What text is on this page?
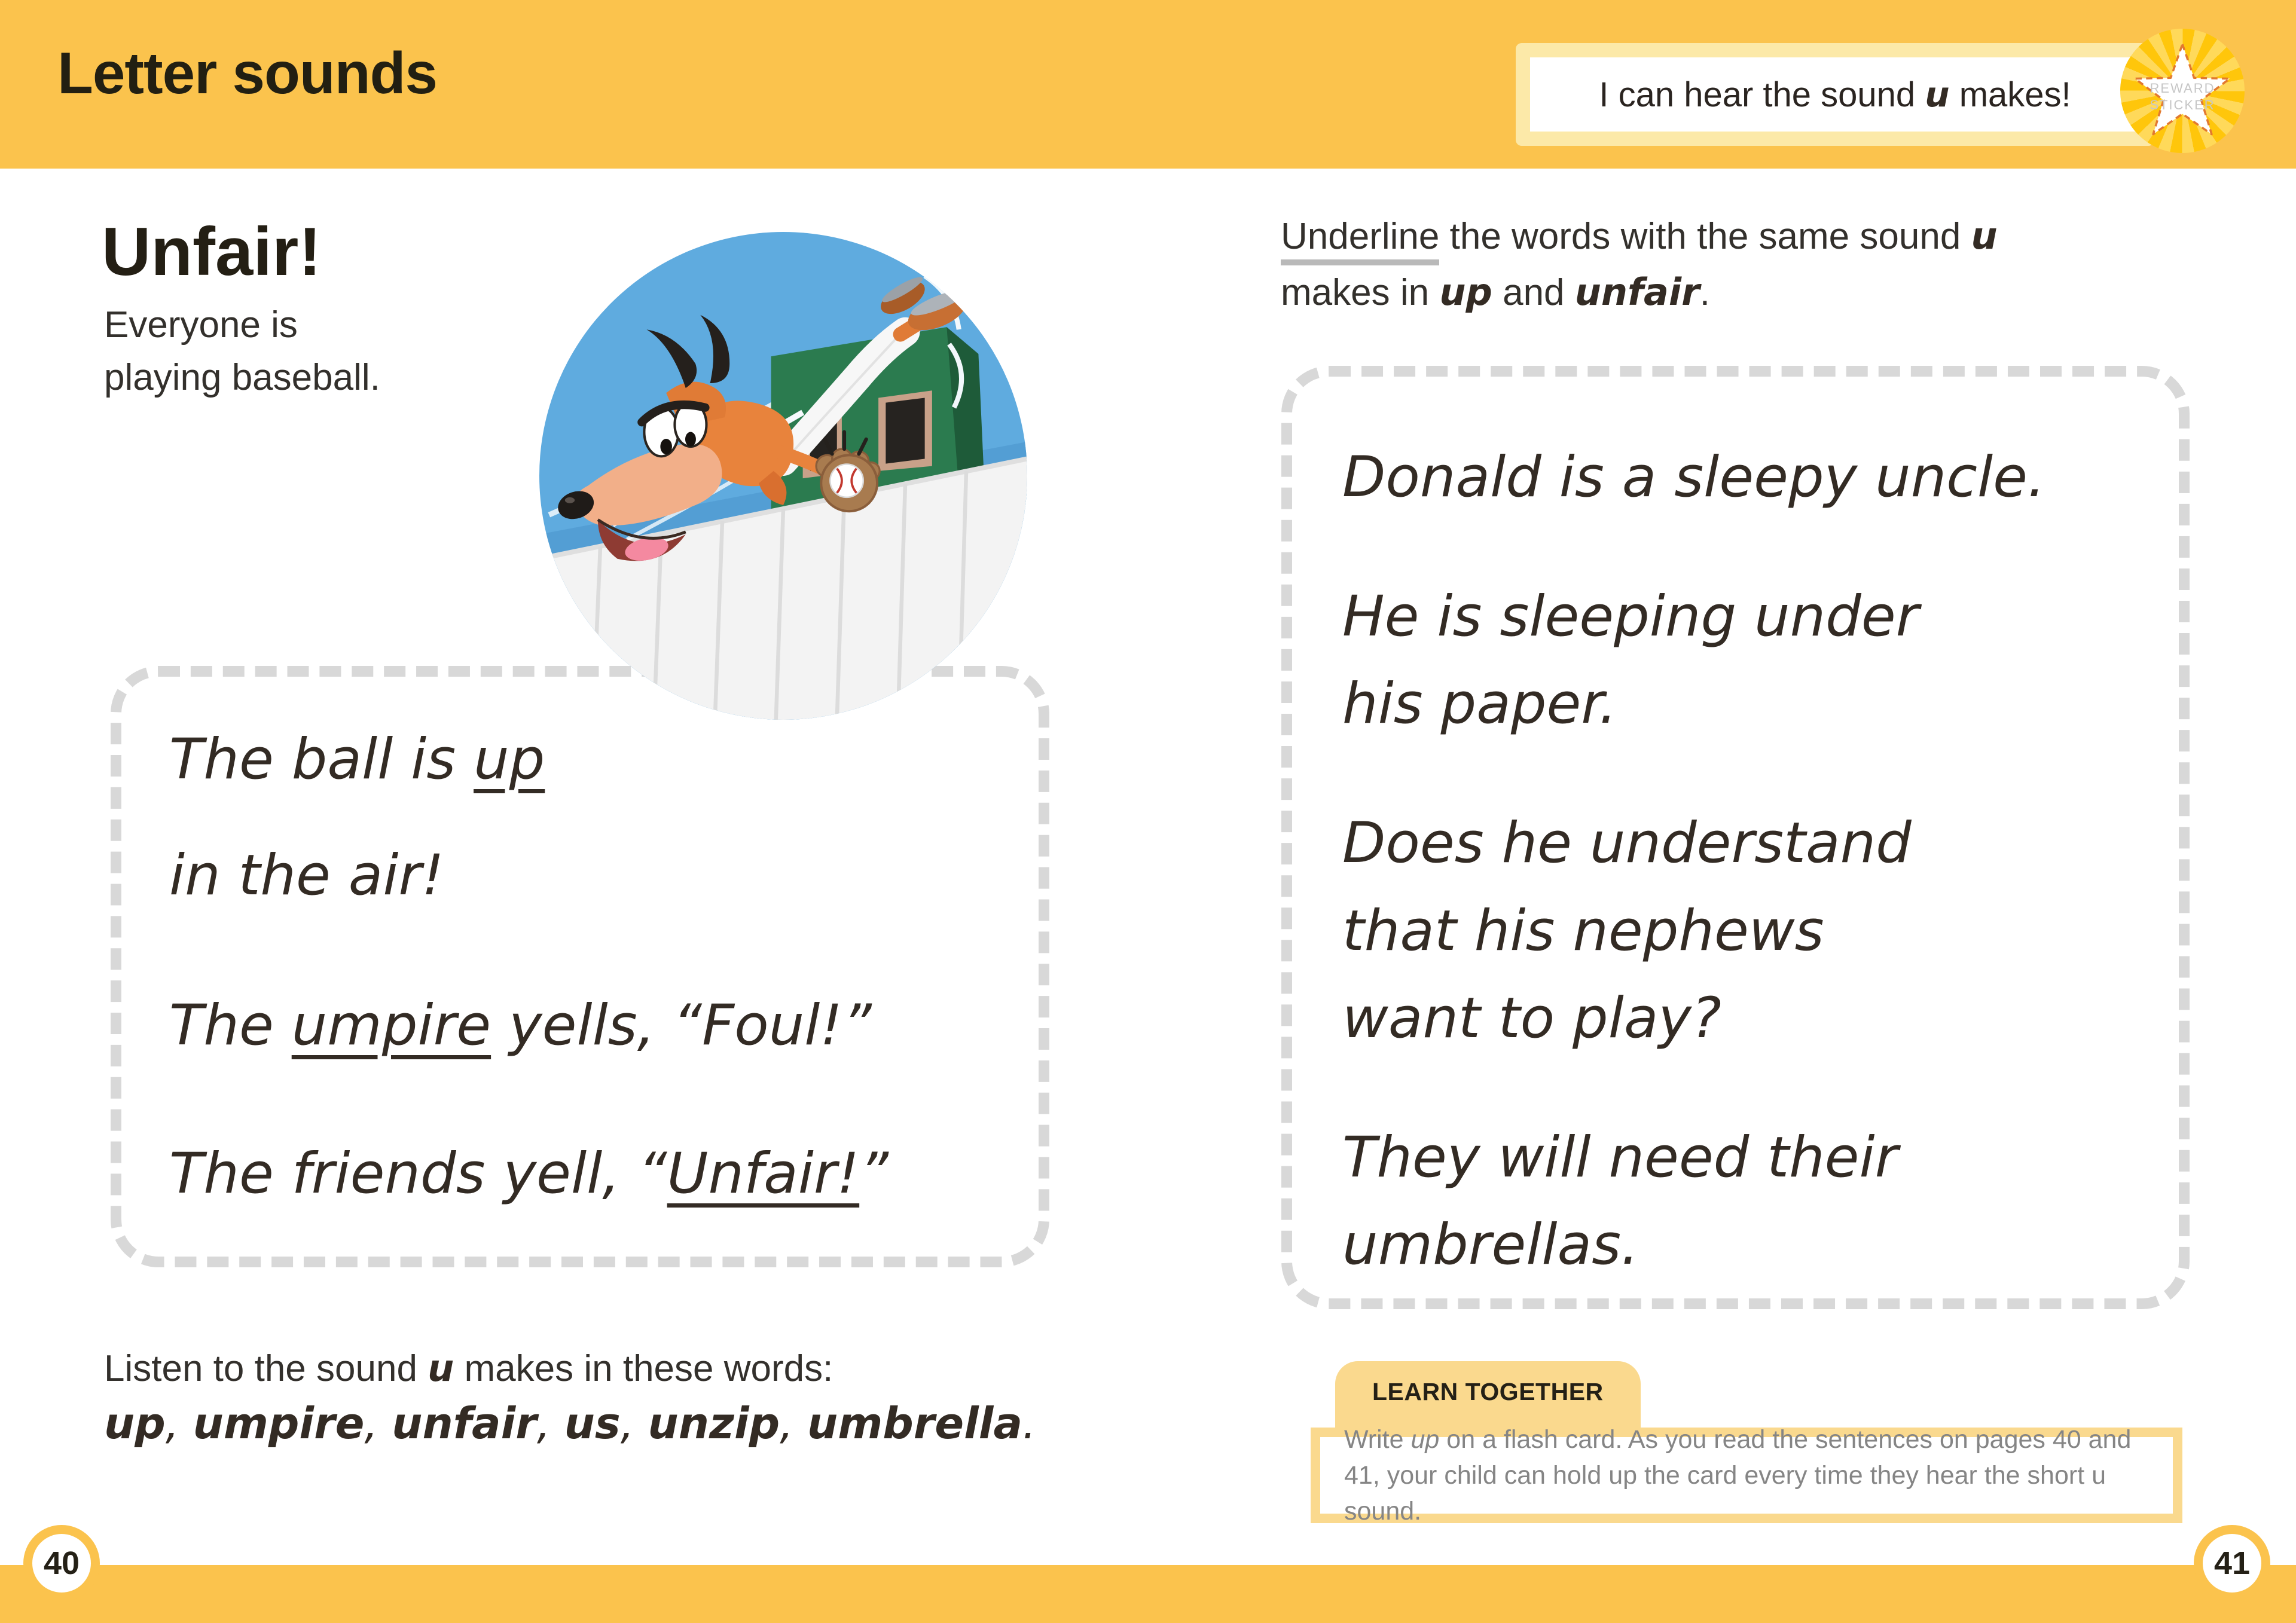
Letter sounds	I can hear the sound u makes!	REWARD
STICKER
Unfair!

Everyone is
playing baseball.

The ball is up

in the air!

The umpire yells, “Foul!”

The friends yell, “Unfair!”

Listen to the sound u makes in these words:
up, umpire, unfair, us, unzip, umbrella.

40

Underline the words with the same sound u
makes in up and unfair.

Donald is a sleepy uncle.

He is sleeping under
his paper.

Does he understand
that his nephews
want to play?

They will need their
umbrellas.

LEARN TOGETHER

Write up on a flash card. As you read the sentences on pages 40 and 41, your child can hold up the card every time they hear the short u sound.

41
